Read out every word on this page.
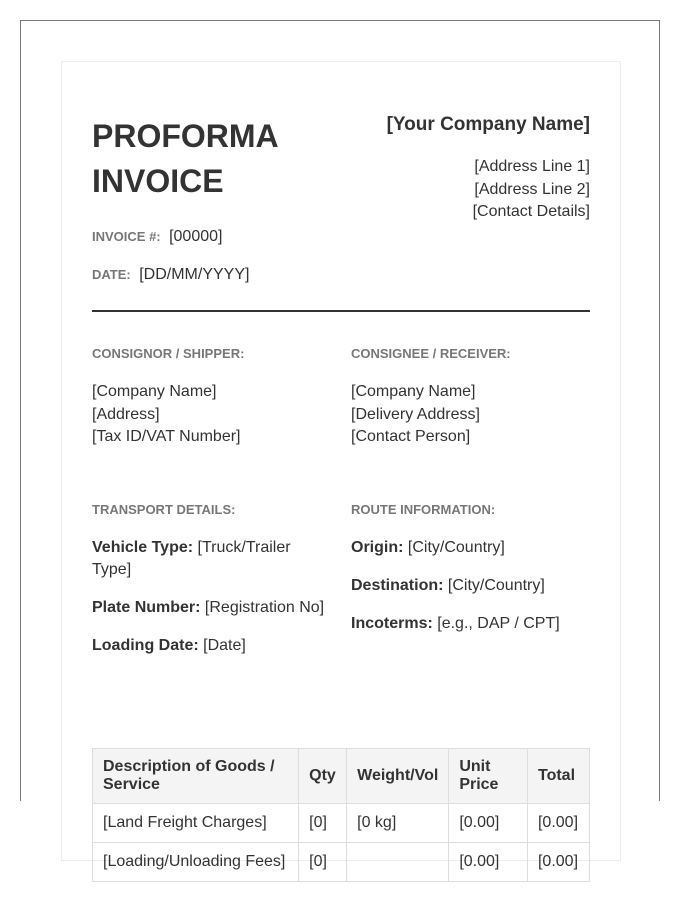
PROFORMA INVOICE
INVOICE #: [00000]
DATE: [DD/MM/YYYY]
[Your Company Name]
[Address Line 1]
[Address Line 2]
[Contact Details]
CONSIGNOR / SHIPPER:
[Company Name]
[Address]
[Tax ID/VAT Number]
CONSIGNEE / RECEIVER:
[Company Name]
[Delivery Address]
[Contact Person]
TRANSPORT DETAILS:
Vehicle Type: [Truck/Trailer Type]
Plate Number: [Registration No]
Loading Date: [Date]
ROUTE INFORMATION:
Origin: [City/Country]
Destination: [City/Country]
Incoterms: [e.g., DAP / CPT]
Description of Goods / Service	Qty	Weight/Vol	Unit Price	Total
[Land Freight Charges]	[0]	[0 kg]	[0.00]	[0.00]
[Loading/Unloading Fees]	[0]		[0.00]	[0.00]
